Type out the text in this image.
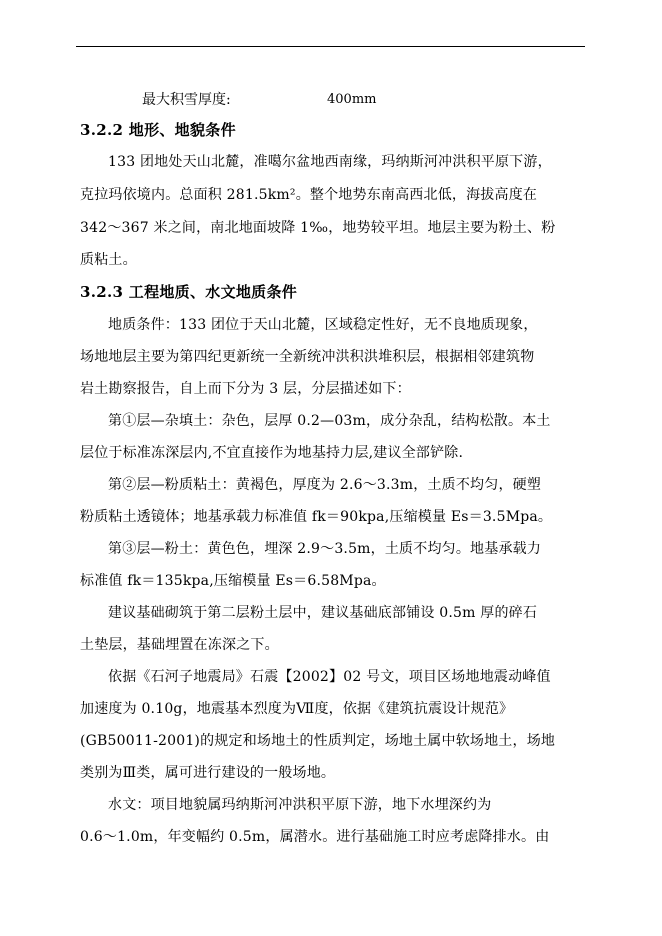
最大积雪厚度:	400mm
3.2.2 地形、地貌条件
133 团地处天山北麓，准噶尔盆地西南缘，玛纳斯河冲洪积平原下游，
克拉玛依境内。总面积 281.5km²。整个地势东南高西北低，海拔高度在
342～367 米之间，南北地面坡降 1‰，地势较平坦。地层主要为粉土、粉
质粘土。
3.2.3 工程地质、水文地质条件
地质条件：133 团位于天山北麓，区域稳定性好，无不良地质现象，
场地地层主要为第四纪更新统一全新统冲洪积洪堆积层，根据相邻建筑物
岩土勘察报告，自上而下分为 3 层，分层描述如下：
第①层—杂填土：杂色，层厚 0.2—03m，成分杂乱，结构松散。本土
层位于标准冻深层内,不宜直接作为地基持力层,建议全部铲除.
第②层—粉质粘土：黄褐色，厚度为 2.6～3.3m，土质不均匀，硬塑
粉质粘土透镜体；地基承载力标准值 fk＝90kpa,压缩模量 Es＝3.5Mpa。
第③层—粉土：黄色色，埋深 2.9～3.5m，土质不均匀。地基承载力
标准值 fk＝135kpa,压缩模量 Es＝6.58Mpa。
建议基础砌筑于第二层粉土层中，建议基础底部铺设 0.5m 厚的碎石
土垫层，基础埋置在冻深之下。
依据《石河子地震局》石震【2002】02 号文，项目区场地地震动峰值
加速度为 0.10g，地震基本烈度为Ⅶ度，依据《建筑抗震设计规范》
(GB50011-2001)的规定和场地土的性质判定，场地土属中软场地土，场地
类别为Ⅲ类，属可进行建设的一般场地。
水文：项目地貌属玛纳斯河冲洪积平原下游，地下水埋深约为
0.6～1.0m，年变幅约 0.5m，属潜水。进行基础施工时应考虑降排水。由
